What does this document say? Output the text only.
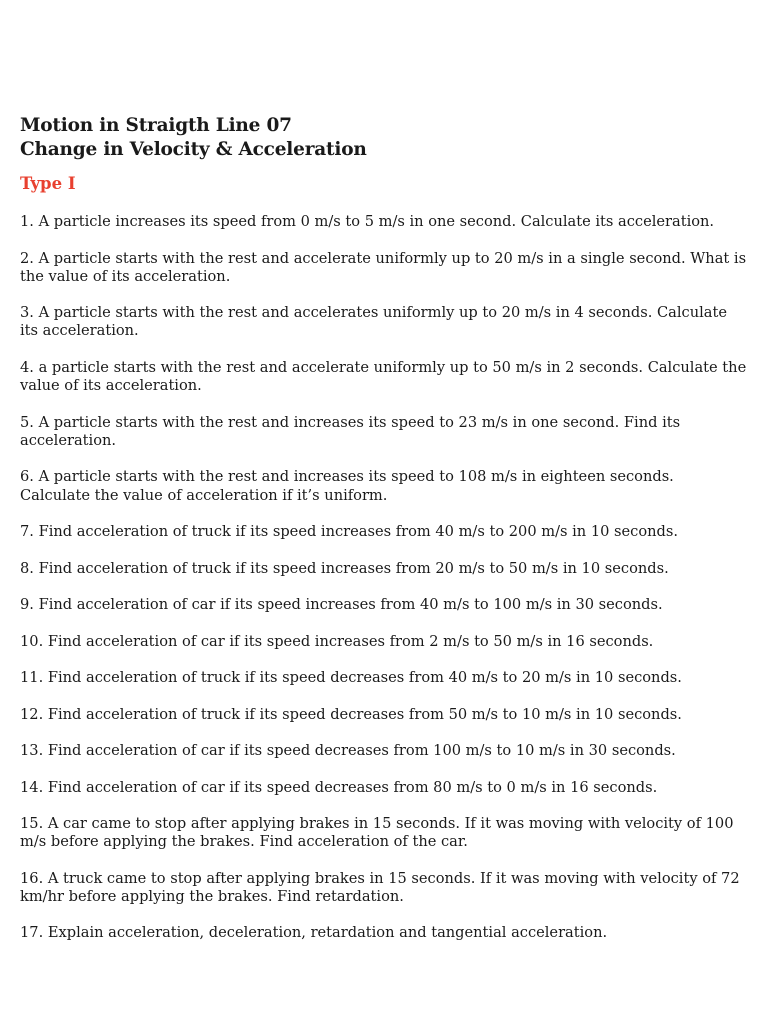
Motion in Straigth Line 07
Change in Velocity & Acceleration
Type I
1. A particle increases its speed from 0 m/s to 5 m/s in one second. Calculate its acceleration.
2. A particle starts with the rest and accelerate uniformly up to 20 m/s in a single second. What is the value of its acceleration.
3. A particle starts with the rest and accelerates uniformly up to 20 m/s in 4 seconds. Calculate its acceleration.
4. a particle starts with the rest and accelerate uniformly up to 50 m/s in 2 seconds. Calculate the value of its acceleration.
5. A particle starts with the rest and increases its speed to 23 m/s in one second. Find its acceleration.
6. A particle starts with the rest and increases its speed to 108 m/s in eighteen seconds. Calculate the value of acceleration if it’s uniform.
7. Find acceleration of truck if its speed increases from 40 m/s to 200 m/s in 10 seconds.
8. Find acceleration of truck if its speed increases from 20 m/s to 50 m/s in 10 seconds.
9. Find acceleration of car if its speed increases from 40 m/s to 100 m/s in 30 seconds.
10. Find acceleration of car if its speed increases from 2 m/s to 50 m/s in 16 seconds.
11. Find acceleration of truck if its speed decreases from 40 m/s to 20 m/s in 10 seconds.
12. Find acceleration of truck if its speed decreases from 50 m/s to 10 m/s in 10 seconds.
13. Find acceleration of car if its speed decreases from 100 m/s to 10 m/s in 30 seconds.
14. Find acceleration of car if its speed decreases from 80 m/s to 0 m/s in 16 seconds.
15. A car came to stop after applying brakes in 15 seconds. If it was moving with velocity of 100 m/s before applying the brakes. Find acceleration of the car.
16. A truck came to stop after applying brakes in 15 seconds. If it was moving with velocity of 72 km/hr before applying the brakes. Find retardation.
17. Explain acceleration, deceleration, retardation and tangential acceleration.
